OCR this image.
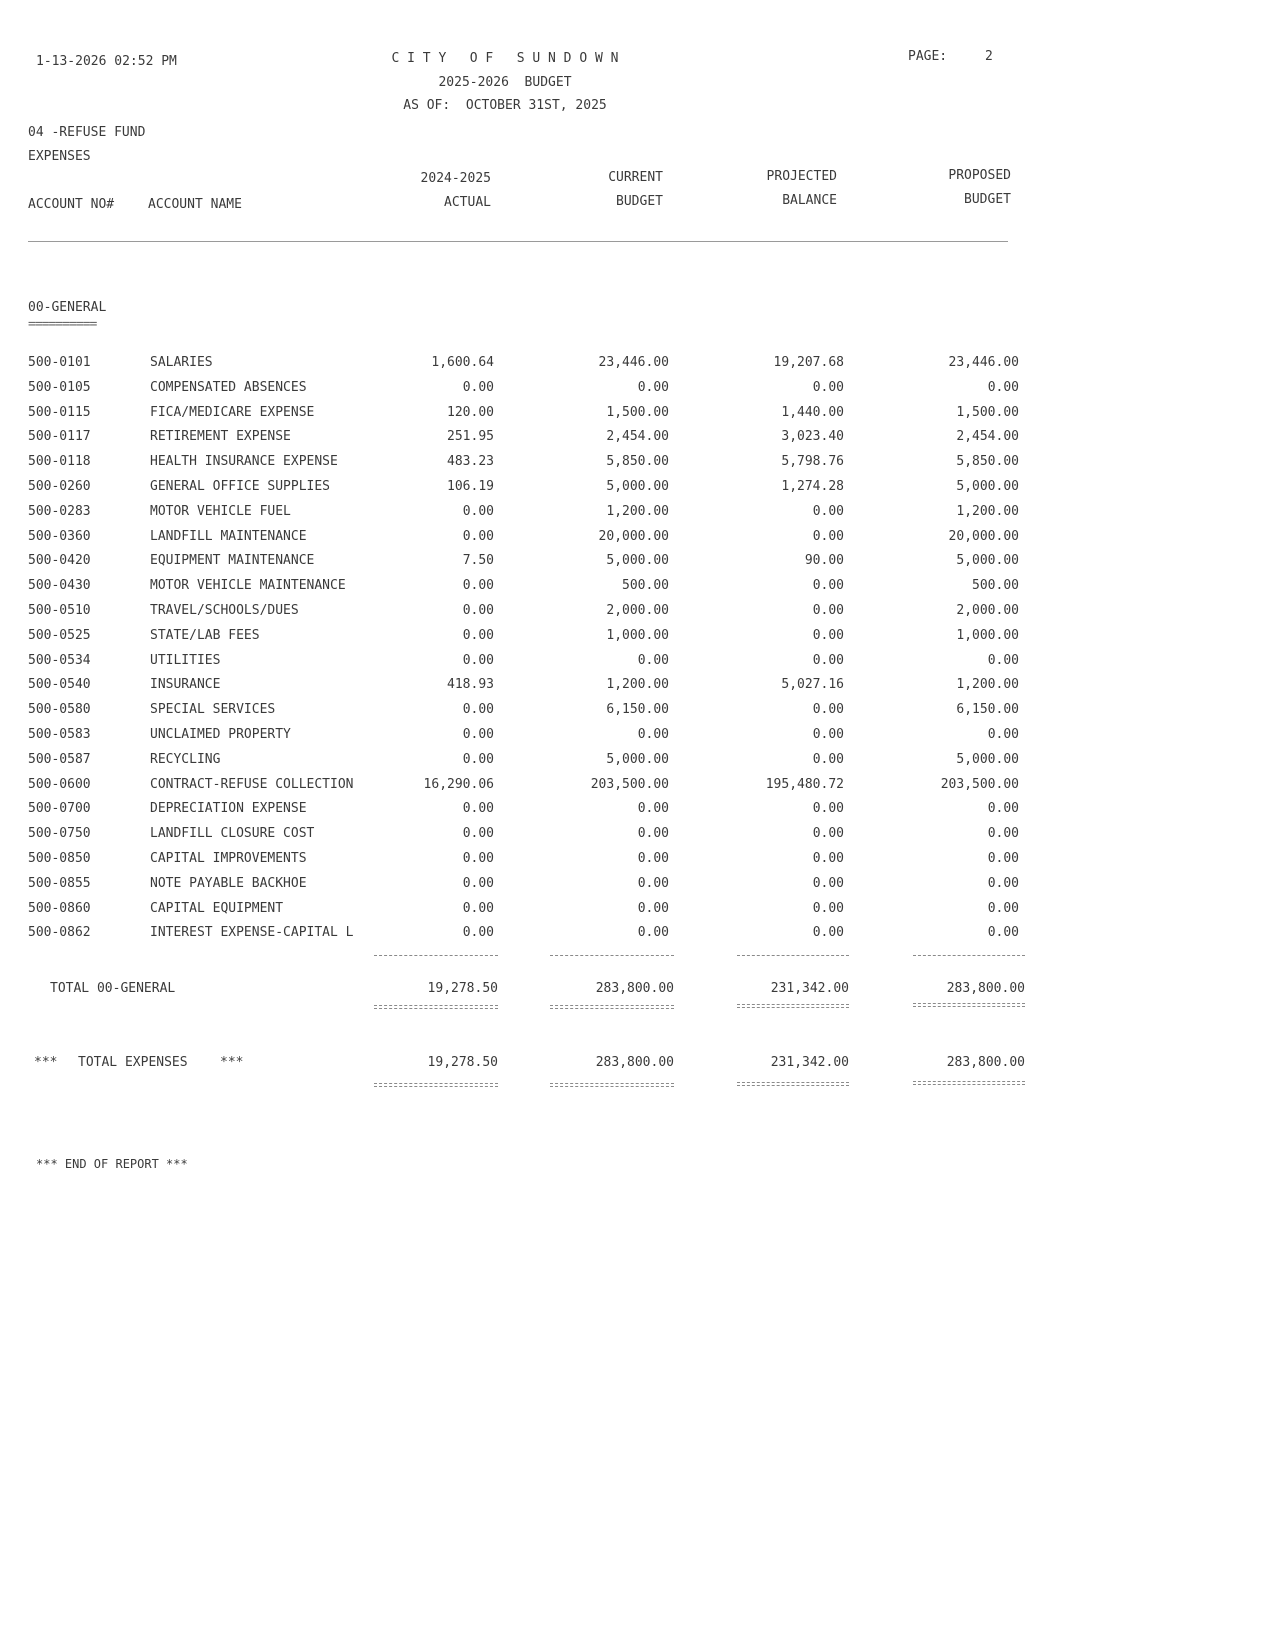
1-13-2026 02:52 PM	C I T Y   O F   S U N D O W N
2025-2026  BUDGET
AS OF:  OCTOBER 31ST, 2025
PAGE:	2
04 -REFUSE FUND
EXPENSES
2024-2025
ACTUAL
CURRENT
BUDGET
PROJECTED
BALANCE
PROPOSED
BUDGET
ACCOUNT NO#	ACCOUNT NAME
00-GENERAL
==========
500-0101	SALARIES	1,600.64	23,446.00	19,207.68	23,446.00
500-0105	COMPENSATED ABSENCES	0.00	0.00	0.00	0.00
500-0115	FICA/MEDICARE EXPENSE	120.00	1,500.00	1,440.00	1,500.00
500-0117	RETIREMENT EXPENSE	251.95	2,454.00	3,023.40	2,454.00
500-0118	HEALTH INSURANCE EXPENSE	483.23	5,850.00	5,798.76	5,850.00
500-0260	GENERAL OFFICE SUPPLIES	106.19	5,000.00	1,274.28	5,000.00
500-0283	MOTOR VEHICLE FUEL	0.00	1,200.00	0.00	1,200.00
500-0360	LANDFILL MAINTENANCE	0.00	20,000.00	0.00	20,000.00
500-0420	EQUIPMENT MAINTENANCE	7.50	5,000.00	90.00	5,000.00
500-0430	MOTOR VEHICLE MAINTENANCE	0.00	500.00	0.00	500.00
500-0510	TRAVEL/SCHOOLS/DUES	0.00	2,000.00	0.00	2,000.00
500-0525	STATE/LAB FEES	0.00	1,000.00	0.00	1,000.00
500-0534	UTILITIES	0.00	0.00	0.00	0.00
500-0540	INSURANCE	418.93	1,200.00	5,027.16	1,200.00
500-0580	SPECIAL SERVICES	0.00	6,150.00	0.00	6,150.00
500-0583	UNCLAIMED PROPERTY	0.00	0.00	0.00	0.00
500-0587	RECYCLING	0.00	5,000.00	0.00	5,000.00
500-0600	CONTRACT-REFUSE COLLECTION	16,290.06	203,500.00	195,480.72	203,500.00
500-0700	DEPRECIATION EXPENSE	0.00	0.00	0.00	0.00
500-0750	LANDFILL CLOSURE COST	0.00	0.00	0.00	0.00
500-0850	CAPITAL IMPROVEMENTS	0.00	0.00	0.00	0.00
500-0855	NOTE PAYABLE BACKHOE	0.00	0.00	0.00	0.00
500-0860	CAPITAL EQUIPMENT	0.00	0.00	0.00	0.00
500-0862	INTEREST EXPENSE-CAPITAL L	0.00	0.00	0.00	0.00
TOTAL 00-GENERAL	19,278.50	283,800.00	231,342.00	283,800.00
*** TOTAL EXPENSES ***	19,278.50	283,800.00	231,342.00	283,800.00
*** END OF REPORT ***
